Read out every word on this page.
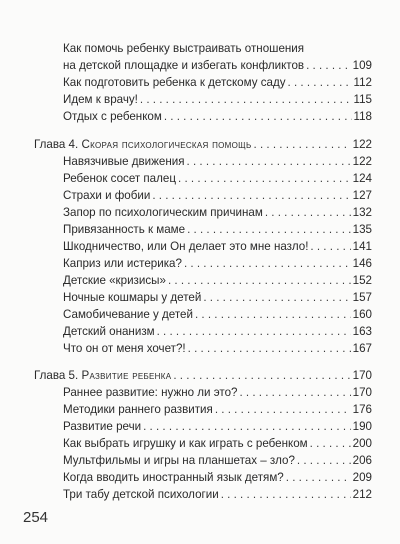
Как помочь ребенку выстраивать отношения
на детской площадке и избегать конфликтов . . .	109
Как подготовить ребенка к детскому саду . . .	112
Идем к врачу! . . .	115
Отдых с ребенком . . .	118
Глава 4. Скорая психологическая помощь . . .	122
Навязчивые движения . . .	122
Ребенок сосет палец . . .	124
Страхи и фобии . . .	127
Запор по психологическим причинам . . .	132
Привязанность к маме . . .	135
Шкодничество, или Он делает это мне назло! . . .	141
Каприз или истерика? . . .	146
Детские «кризисы» . . .	152
Ночные кошмары у детей . . .	157
Самобичевание у детей . . .	160
Детский онанизм . . .	163
Что он от меня хочет?! . . .	167
Глава 5. Развитие ребенка . . .	170
Раннее развитие: нужно ли это? . . .	170
Методики раннего развития . . .	176
Развитие речи . . .	190
Как выбрать игрушку и как играть с ребенком . . .	200
Мультфильмы и игры на планшетах – зло? . . .	206
Когда вводить иностранный язык детям? . . .	209
Три табу детской психологии . . .	212
254
